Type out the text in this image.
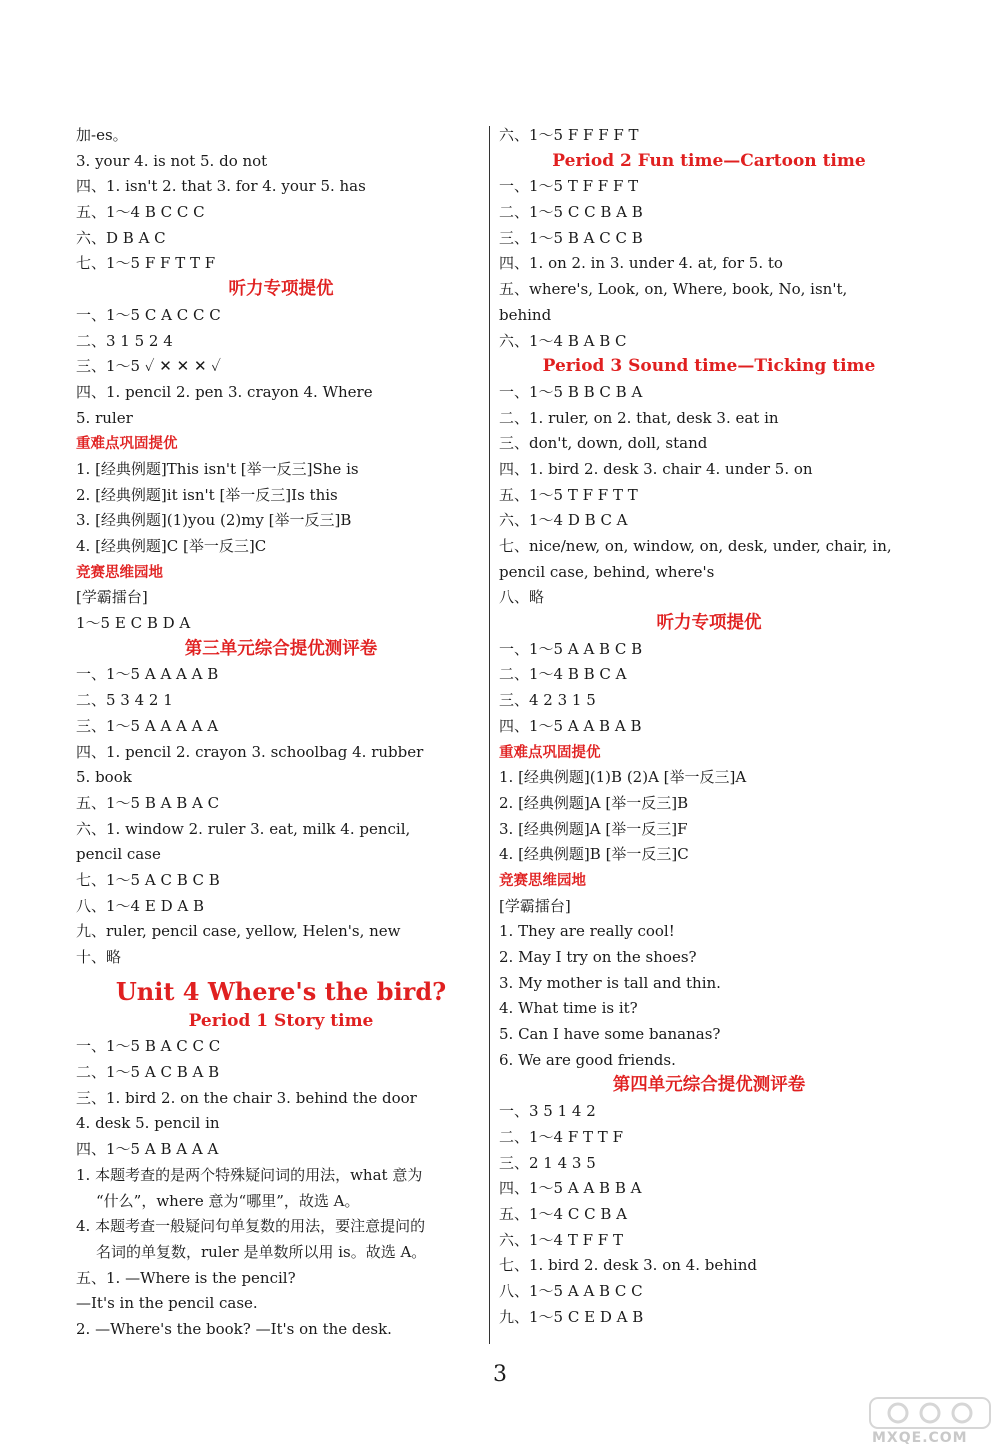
加-es。
3. your 4. is not 5. do not
四、1. isn't 2. that 3. for 4. your 5. has
五、1～4 B C C C
六、D B A C
七、1～5 F F T T F
听力专项提优
一、1～5 C A C C C
二、3 1 5 2 4
三、1～5 ✓ ✕ ✕ ✕ ✓
四、1. pencil 2. pen 3. crayon 4. Where
5. ruler
重难点巩固提优
1. [经典例题]This isn't [举一反三]She is
2. [经典例题]it isn't [举一反三]Is this
3. [经典例题](1)you (2)my [举一反三]B
4. [经典例题]C [举一反三]C
竞赛思维园地
[学霸擂台]
1～5 E C B D A
第三单元综合提优测评卷
一、1～5 A A A A B
二、5 3 4 2 1
三、1～5 A A A A A
四、1. pencil 2. crayon 3. schoolbag 4. rubber
5. book
五、1～5 B A B A C
六、1. window 2. ruler 3. eat, milk 4. pencil,
pencil case
七、1～5 A C B C B
八、1～4 E D A B
九、ruler, pencil case, yellow, Helen's, new
十、略
Unit 4 Where's the bird?
Period 1 Story time
一、1～5 B A C C C
二、1～5 A C B A B
三、1. bird 2. on the chair 3. behind the door
4. desk 5. pencil in
四、1～5 A B A A A
1. 本题考查的是两个特殊疑问词的用法，what 意为
“什么”，where 意为“哪里”，故选 A。
4. 本题考查一般疑问句单复数的用法，要注意提问的
名词的单复数，ruler 是单数所以用 is。故选 A。
五、1. —Where is the pencil?
—It's in the pencil case.
2. —Where's the book? —It's on the desk.
六、1～5 F F F F T
Period 2 Fun time—Cartoon time
一、1～5 T F F F T
二、1～5 C C B A B
三、1～5 B A C C B
四、1. on 2. in 3. under 4. at, for 5. to
五、where's, Look, on, Where, book, No, isn't,
behind
六、1～4 B A B C
Period 3 Sound time—Ticking time
一、1～5 B B C B A
二、1. ruler, on 2. that, desk 3. eat in
三、don't, down, doll, stand
四、1. bird 2. desk 3. chair 4. under 5. on
五、1～5 T F F T T
六、1～4 D B C A
七、nice/new, on, window, on, desk, under, chair, in,
pencil case, behind, where's
八、略
听力专项提优
一、1～5 A A B C B
二、1～4 B B C A
三、4 2 3 1 5
四、1～5 A A B A B
重难点巩固提优
1. [经典例题](1)B (2)A [举一反三]A
2. [经典例题]A [举一反三]B
3. [经典例题]A [举一反三]F
4. [经典例题]B [举一反三]C
竞赛思维园地
[学霸擂台]
1. They are really cool!
2. May I try on the shoes?
3. My mother is tall and thin.
4. What time is it?
5. Can I have some bananas?
6. We are good friends.
第四单元综合提优测评卷
一、3 5 1 4 2
二、1～4 F T T F
三、2 1 4 3 5
四、1～5 A A B B A
五、1～4 C C B A
六、1～4 T F F T
七、1. bird 2. desk 3. on 4. behind
八、1～5 A A B C C
九、1～5 C E D A B
3
MXQE.COM
